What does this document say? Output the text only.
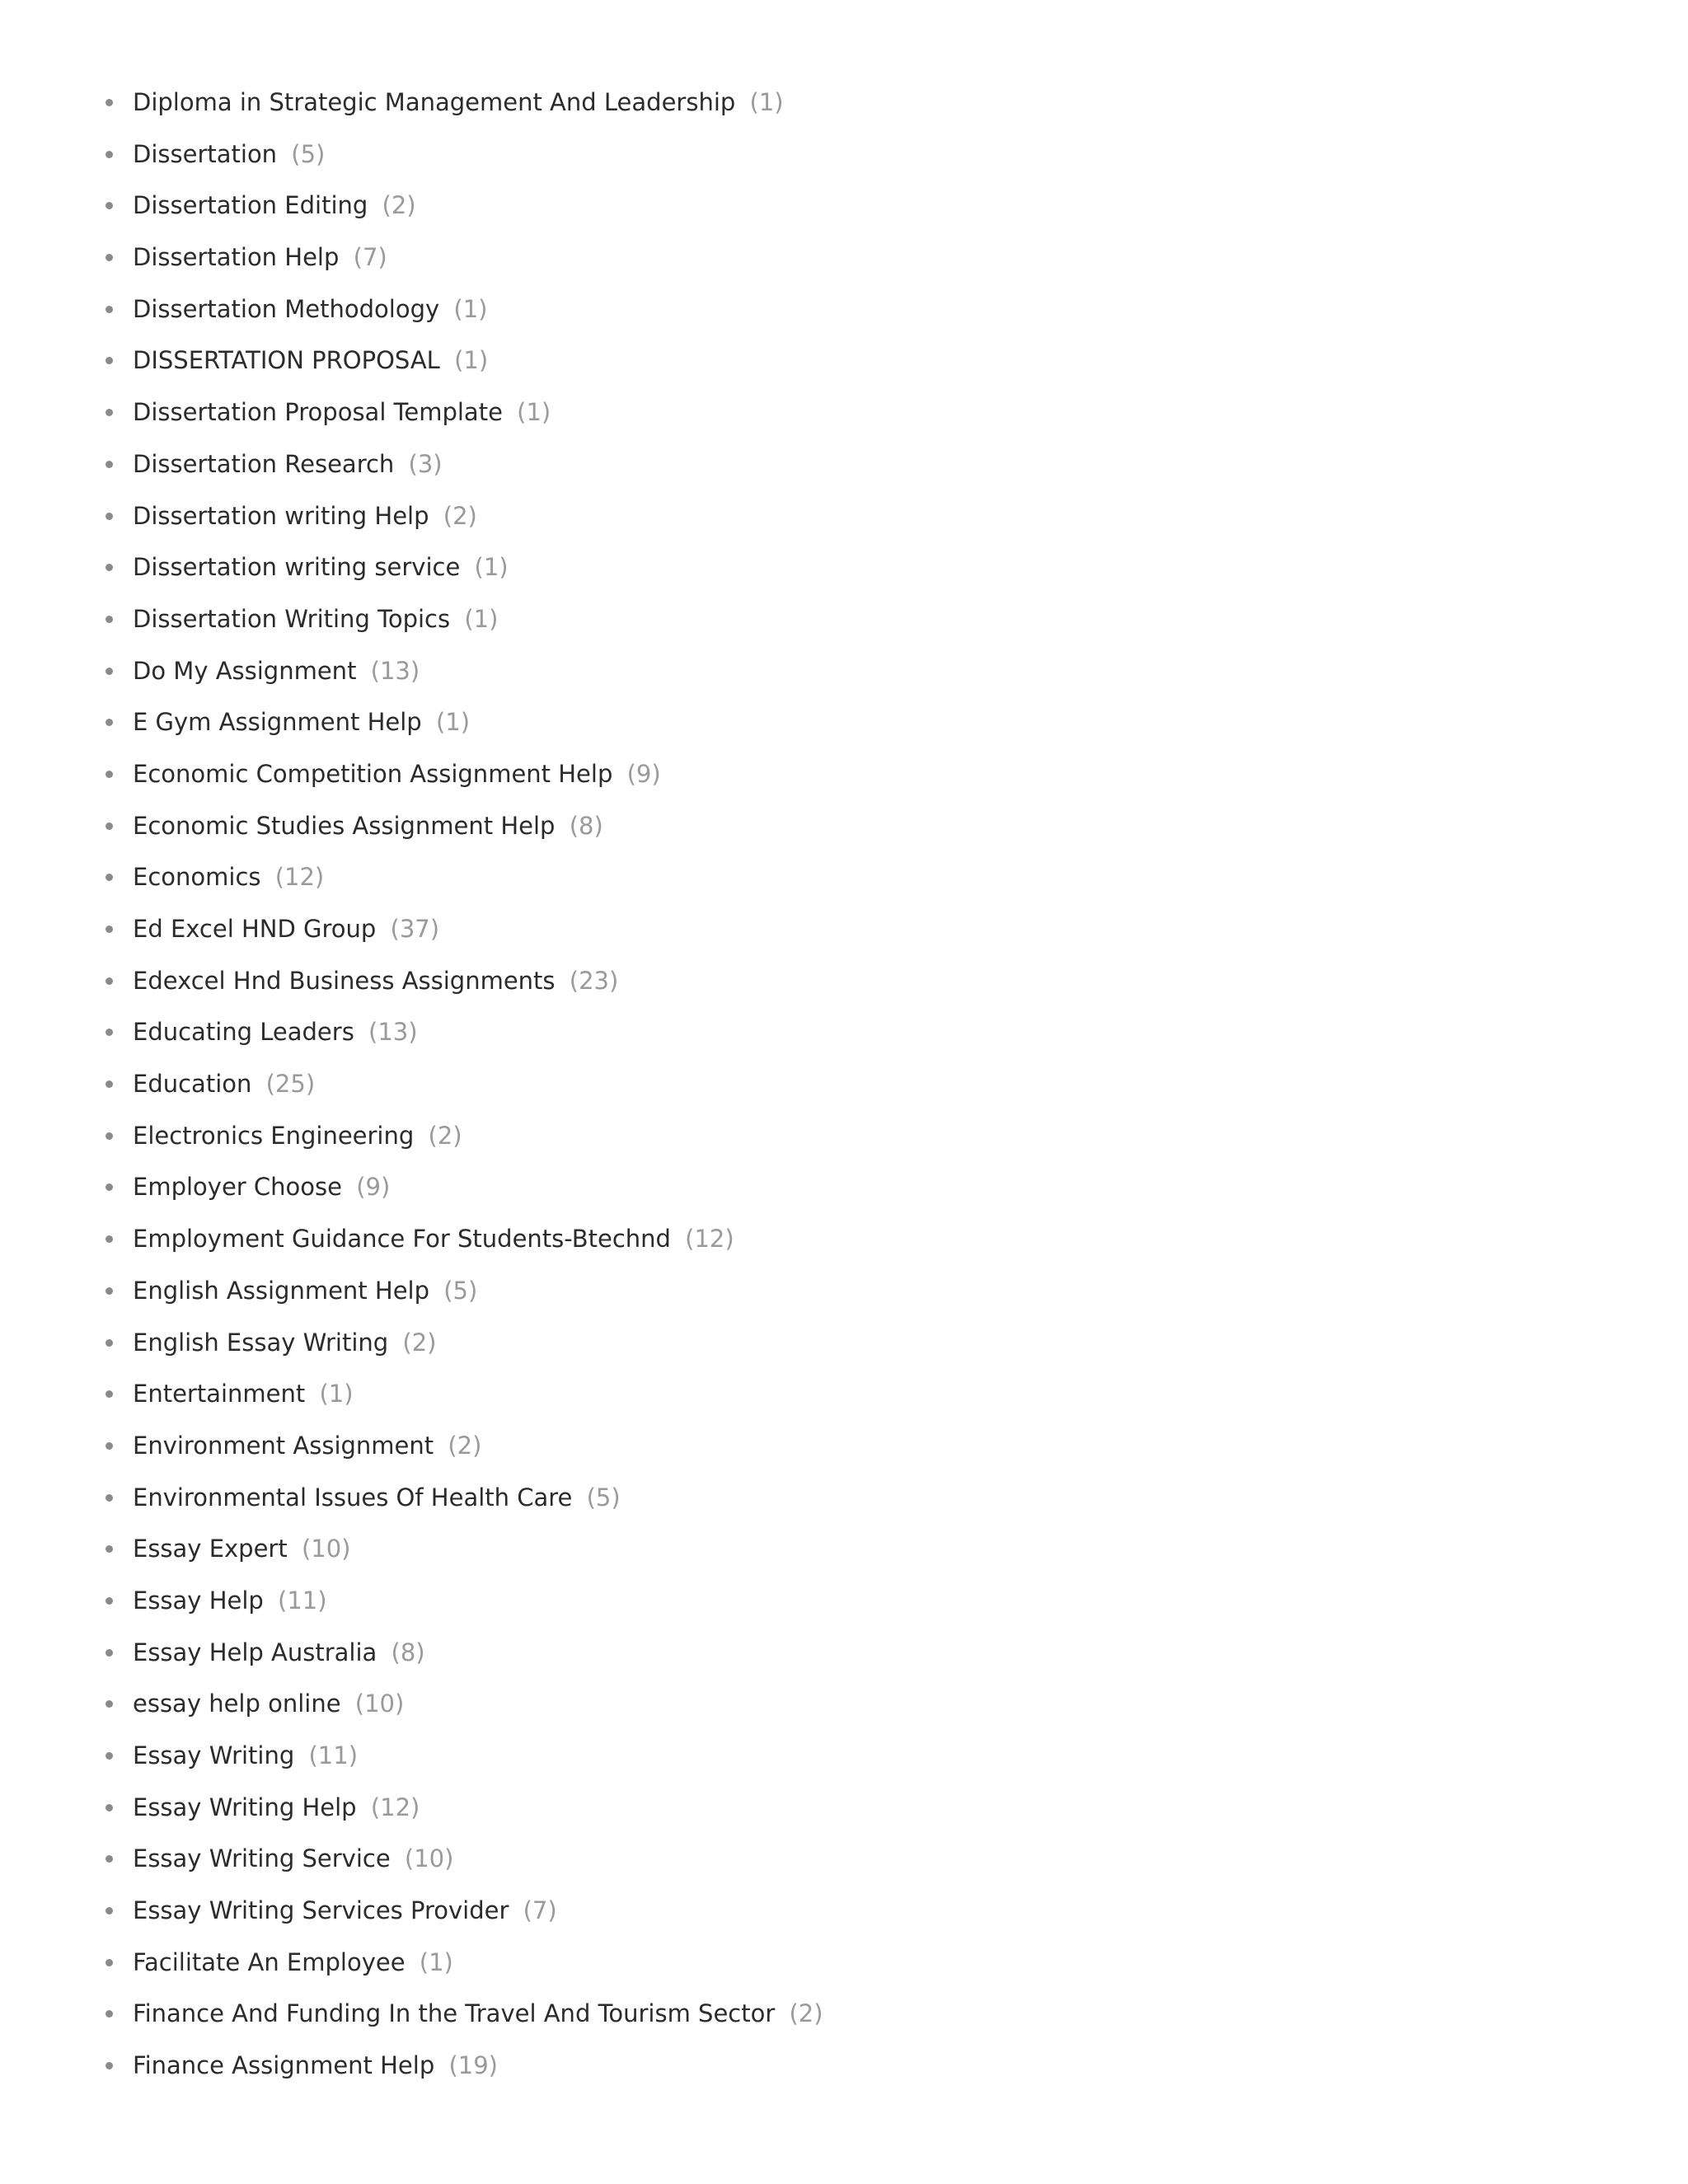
Diploma in Strategic Management And Leadership (1)
Dissertation (5)
Dissertation Editing (2)
Dissertation Help (7)
Dissertation Methodology (1)
DISSERTATION PROPOSAL (1)
Dissertation Proposal Template (1)
Dissertation Research (3)
Dissertation writing Help (2)
Dissertation writing service (1)
Dissertation Writing Topics (1)
Do My Assignment (13)
E Gym Assignment Help (1)
Economic Competition Assignment Help (9)
Economic Studies Assignment Help (8)
Economics (12)
Ed Excel HND Group (37)
Edexcel Hnd Business Assignments (23)
Educating Leaders (13)
Education (25)
Electronics Engineering (2)
Employer Choose (9)
Employment Guidance For Students-Btechnd (12)
English Assignment Help (5)
English Essay Writing (2)
Entertainment (1)
Environment Assignment (2)
Environmental Issues Of Health Care (5)
Essay Expert (10)
Essay Help (11)
Essay Help Australia (8)
essay help online (10)
Essay Writing (11)
Essay Writing Help (12)
Essay Writing Service (10)
Essay Writing Services Provider (7)
Facilitate An Employee (1)
Finance And Funding In the Travel And Tourism Sector (2)
Finance Assignment Help (19)
